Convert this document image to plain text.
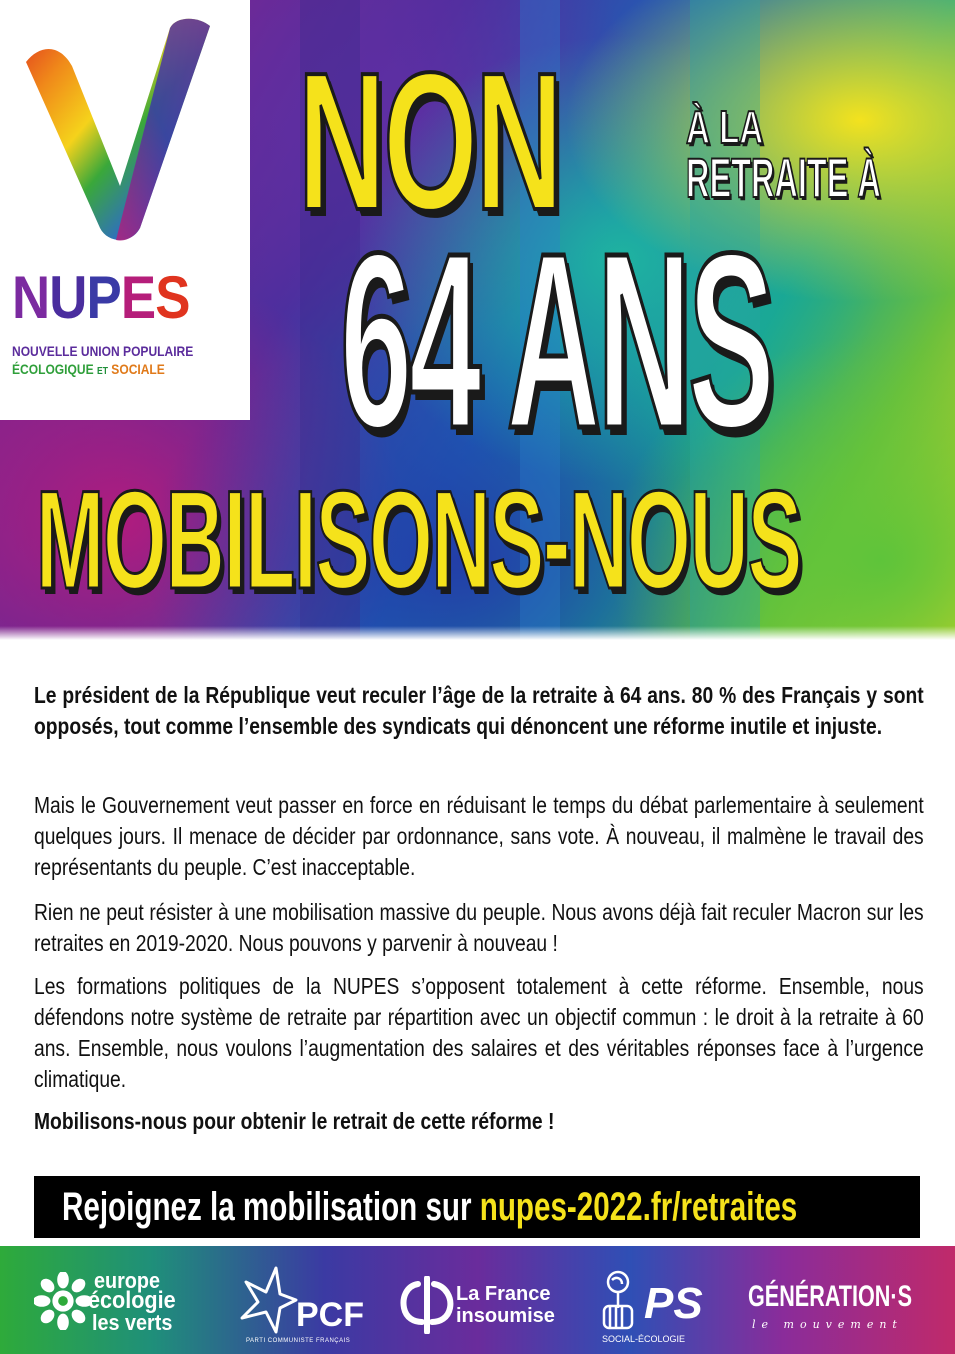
NUPES
NOUVELLE UNION POPULAIRE
ÉCOLOGIQUE ET SOCIALE
NON	À LA
RETRAITE À
64 ANS
MOBILISONS-NOUS

Le président de la République veut reculer l’âge de la retraite à 64 ans. 80 % des Français y sont opposés, tout comme l’ensemble des syndicats qui dénoncent une réforme inutile et injuste.

Mais le Gouvernement veut passer en force en réduisant le temps du débat parlementaire à seulement quelques jours. Il menace de décider par ordonnance, sans vote. À nouveau, il malmène le travail des représentants du peuple. C’est inacceptable.

Rien ne peut résister à une mobilisation massive du peuple. Nous avons déjà fait reculer Macron sur les retraites en 2019-2020. Nous pouvons y parvenir à nouveau !

Les formations politiques de la NUPES s’opposent totalement à cette réforme. Ensemble, nous défendons notre système de retraite par répartition avec un objectif commun : le droit à la retraite à 60 ans. Ensemble, nous voulons l’augmentation des salaires et des véritables réponses face à l’urgence climatique.

Mobilisons-nous pour obtenir le retrait de cette réforme !

Rejoignez la mobilisation sur nupes-2022.fr/retraites
europe
écologie
les verts	PCF
PARTI COMMUNISTE FRANÇAIS
La France
insoumise PS
SOCIAL-ÉCOLOGIE
GÉNÉRATION·S
le mouvement
